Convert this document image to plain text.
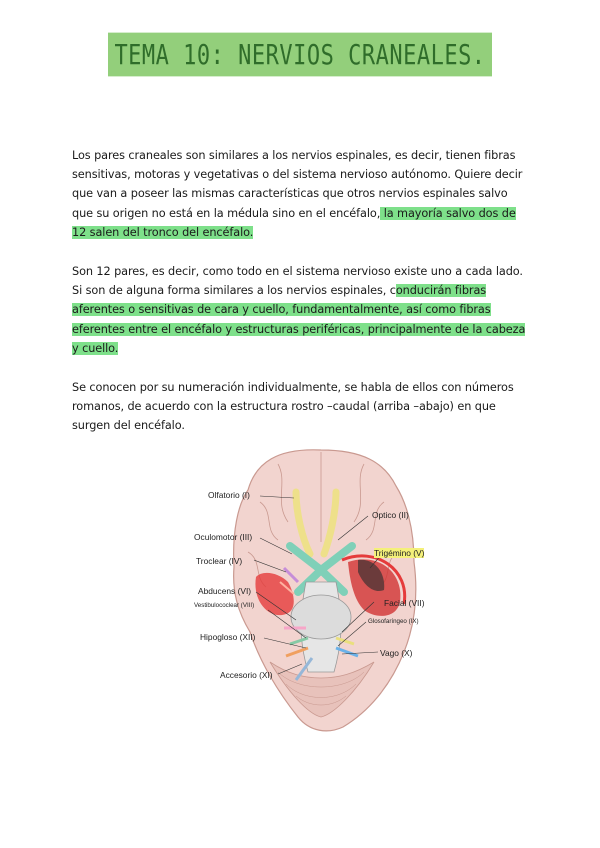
TEMA 10: NERVIOS CRANEALES.
Los pares craneales son similares a los nervios espinales, es decir, tienen fibras sensitivas, motoras y vegetativas o del sistema nervioso autónomo. Quiere decir que van a poseer las mismas características que otros nervios espinales salvo que su origen no está en la médula sino en el encéfalo, la mayoría salvo dos de 12 salen del tronco del encéfalo.
Son 12 pares, es decir, como todo en el sistema nervioso existe uno a cada lado. Si son de alguna forma similares a los nervios espinales, conducirán fibras aferentes o sensitivas de cara y cuello, fundamentalmente, así como fibras eferentes entre el encéfalo y estructuras periféricas, principalmente de la cabeza y cuello.
Se conocen por su numeración individualmente, se habla de ellos con números romanos, de acuerdo con la estructura rostro –caudal (arriba –abajo) en que surgen del encéfalo.
Olfatorio (I)
Optico (II)
Oculomotor (III)
Trigémino (V)
Troclear (IV)
Abducens (VI)
Vestibulococlear (VIII)	Facial (VII)
Glosofaríngeo (IX)
Hipogloso (XII)
Vago (X)
Accesorio (XI)
